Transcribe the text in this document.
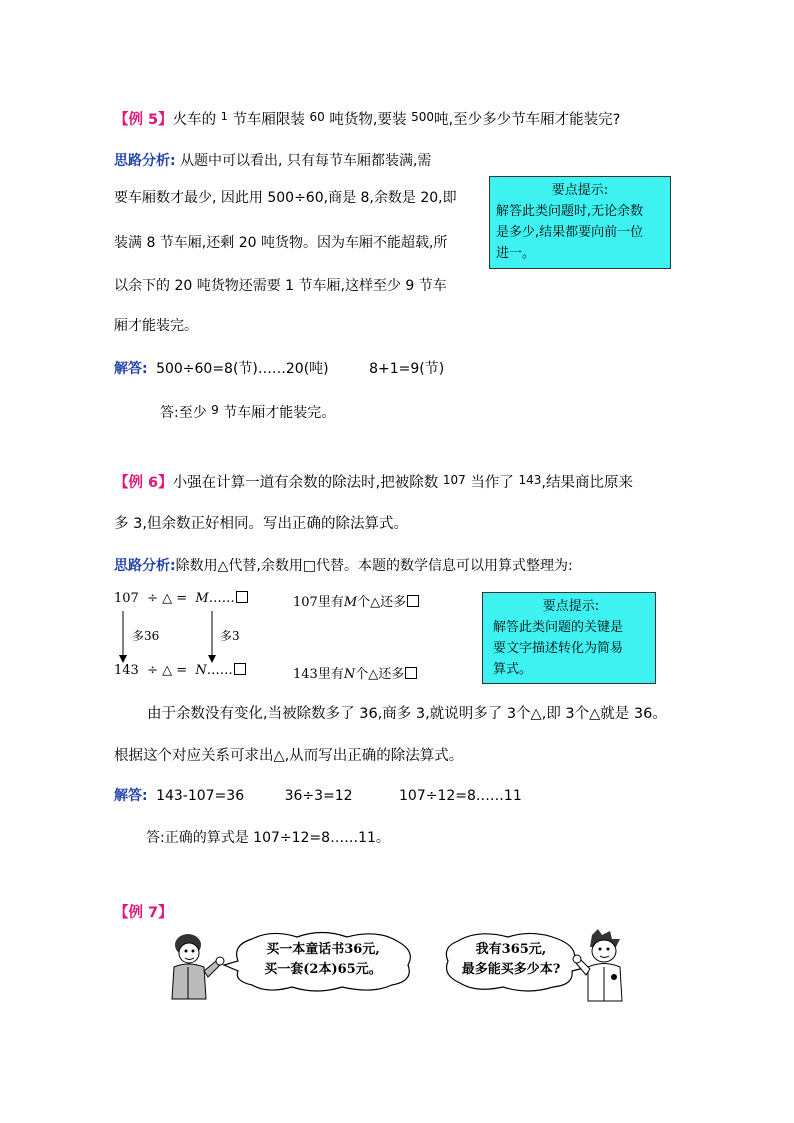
【例 5】火车的 $^1$ 节车厢限装 $^{60}$ 吨货物,要装 $^{500}$吨,至少多少节车厢才能装完?
思路分析: 从题中可以看出, 只有每节车厢都装满,需
要车厢数才最少, 因此用 500÷60,商是 8,余数是 20,即
装满 8 节车厢,还剩 20 吨货物。因为车厢不能超载,所
以余下的 20 吨货物还需要 1 节车厢,这样至少 9 节车
厢才能装完。
要点提示:
解答此类问题时,无论余数
是多少,结果都要向前一位
进一。
解答: 500÷60=8(节)……20(吨)	8+1=9(节)
答:至少 9 节车厢才能装完。
【例 6】小强在计算一道有余数的除法时,把被除数 $^{107}$ 当作了 $^{143}$,结果商比原来
多 3,但余数正好相同。写出正确的除法算式。
思路分析:除数用△代替,余数用□代替。本题的数学信息可以用算式整理为:
107 ÷ △ = M……
143 ÷ △ = N……
多36	多3
107里有M个△还多
143里有N个△还多
要点提示:
解答此类问题的关键是
要文字描述转化为简易
算式。
由于余数没有变化,当被除数多了 36,商多 3,就说明多了 3个△,即 3个△就是 36。
根据这个对应关系可求出△,从而写出正确的除法算式。
解答: 143-107=36	36÷3=12	107÷12=8……11
答:正确的算式是 107÷12=8……11。
【例 7】
买一本童话书36元,
买一套(2本)65元。
我有365元,
最多能买多少本?
